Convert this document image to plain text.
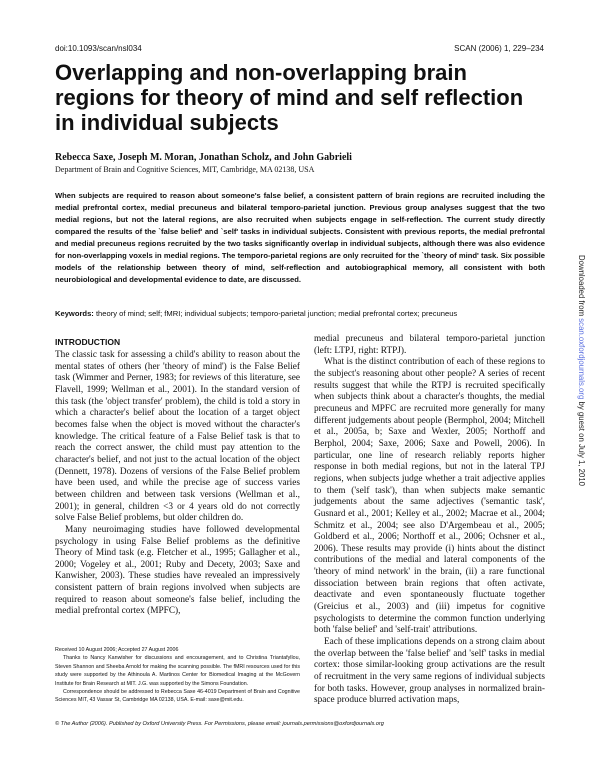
doi:10.1093/scan/nsl034	SCAN (2006) 1, 229–234
Overlapping and non-overlapping brain regions for theory of mind and self reflection in individual subjects
Rebecca Saxe, Joseph M. Moran, Jonathan Scholz, and John Gabrieli
Department of Brain and Cognitive Sciences, MIT, Cambridge, MA 02138, USA

When subjects are required to reason about someone's false belief, a consistent pattern of brain regions are recruited including the medial prefrontal cortex, medial precuneus and bilateral temporo-parietal junction. Previous group analyses suggest that the two medial regions, but not the lateral regions, are also recruited when subjects engage in self-reflection. The current study directly compared the results of the `false belief' and `self' tasks in individual subjects. Consistent with previous reports, the medial prefrontal and medial precuneus regions recruited by the two tasks significantly overlap in individual subjects, although there was also evidence for non-overlapping voxels in medial regions. The temporo-parietal regions are only recruited for the `theory of mind' task. Six possible models of the relationship between theory of mind, self-reflection and autobiographical memory, all consistent with both neurobiological and developmental evidence to date, are discussed.

Keywords: theory of mind; self; fMRI; individual subjects; temporo-parietal junction; medial prefrontal cortex; precuneus
INTRODUCTION

The classic task for assessing a child's ability to reason about the mental states of others (her 'theory of mind') is the False Belief task (Wimmer and Perner, 1983; for reviews of this literature, see Flavell, 1999; Wellman et al., 2001). In the standard version of this task (the 'object transfer' problem), the child is told a story in which a character's belief about the location of a target object becomes false when the object is moved without the character's knowledge. The critical feature of a False Belief task is that to reach the correct answer, the child must pay attention to the character's belief, and not just to the actual location of the object (Dennett, 1978). Dozens of versions of the False Belief problem have been used, and while the precise age of success varies between children and between task versions (Wellman et al., 2001); in general, children <3 or 4 years old do not correctly solve False Belief problems, but older children do.

Many neuroimaging studies have followed developmental psychology in using False Belief problems as the definitive Theory of Mind task (e.g. Fletcher et al., 1995; Gallagher et al., 2000; Vogeley et al., 2001; Ruby and Decety, 2003; Saxe and Kanwisher, 2003). These studies have revealed an impressively consistent pattern of brain regions involved when subjects are required to reason about someone's false belief, including the medial prefrontal cortex (MPFC),

medial precuneus and bilateral temporo-parietal junction (left: LTPJ, right: RTPJ).

What is the distinct contribution of each of these regions to the subject's reasoning about other people? A series of recent results suggest that while the RTPJ is recruited specifically when subjects think about a character's thoughts, the medial precuneus and MPFC are recruited more generally for many different judgements about people (Bermphol, 2004; Mitchell et al., 2005a, b; Saxe and Wexler, 2005; Northoff and Berphol, 2004; Saxe, 2006; Saxe and Powell, 2006). In particular, one line of research reliably reports higher response in both medial regions, but not in the lateral TPJ regions, when subjects judge whether a trait adjective applies to them ('self task'), than when subjects make semantic judgements about the same adjectives ('semantic task', Gusnard et al., 2001; Kelley et al., 2002; Macrae et al., 2004; Schmitz et al., 2004; see also D'Argembeau et al., 2005; Goldberd et al., 2006; Northoff et al., 2006; Ochsner et al., 2006). These results may provide (i) hints about the distinct contributions of the medial and lateral components of the 'theory of mind network' in the brain, (ii) a rare functional dissociation between brain regions that often activate, deactivate and even spontaneously fluctuate together (Greicius et al., 2003) and (iii) impetus for cognitive psychologists to determine the common function underlying both 'false belief' and 'self-trait' attributions.

Each of these implications depends on a strong claim about the overlap between the 'false belief' and 'self' tasks in medial cortex: those similar-looking group activations are the result of recruitment in the very same regions of individual subjects for both tasks. However, group analyses in normalized brain-space produce blurred activation maps,

Received 10 August 2006; Accepted 27 August 2006

Thanks to Nancy Kanwisher for discussions and encouragement, and to Christina Triantafyllou, Steven Shannon and Sheeba Arnold for making the scanning possible. The fMRI resources used for this study were supported by the Athinoula A. Martinos Center for Biomedical Imaging at the McGovern Institute for Brain Research at MIT. J.G. was supported by the Simons Foundation.

Correspondence should be addressed to Rebecca Saxe 46-4019 Department of Brain and Cognitive Sciences MIT, 43 Vassar St, Cambridge MA 02138, USA. E-mail: saxe@mit.edu.

© The Author (2006). Published by Oxford University Press. For Permissions, please email: journals.permissions@oxfordjournals.org
Downloaded from scan.oxfordjournals.org by guest on July 1, 2010
